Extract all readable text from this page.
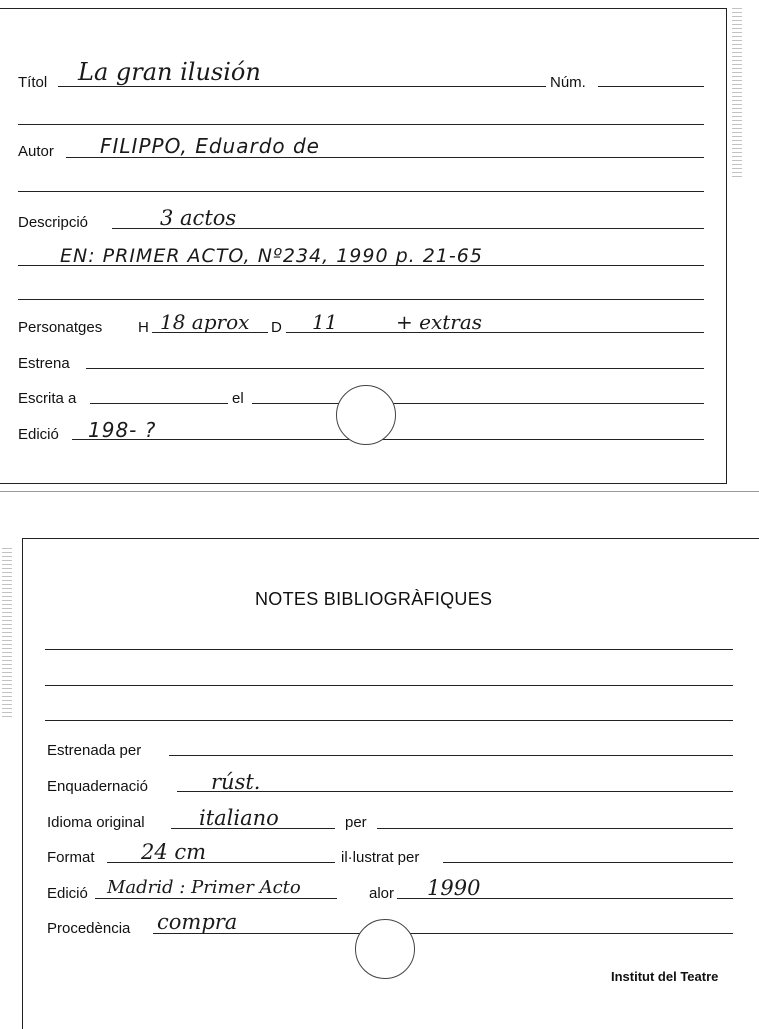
Títol La gran ilusión	Núm.
Autor FILIPPO, Eduardo de
Descripció	3 actos
EN: PRIMER ACTO, Nº234, 1990 p. 21-65
Personatges H 18 aprox D 11	+ extras
Estrena
Escrita a	el
Edició 198- ?
NOTES BIBLIOGRÀFIQUES
Estrenada per
Enquadernació	rúst.
Idioma original	italiano	per
Format 24 cm	il·lustrat per
Edició Madrid : Primer Acto	alor 1990
Procedència compra
Institut del Teatre
